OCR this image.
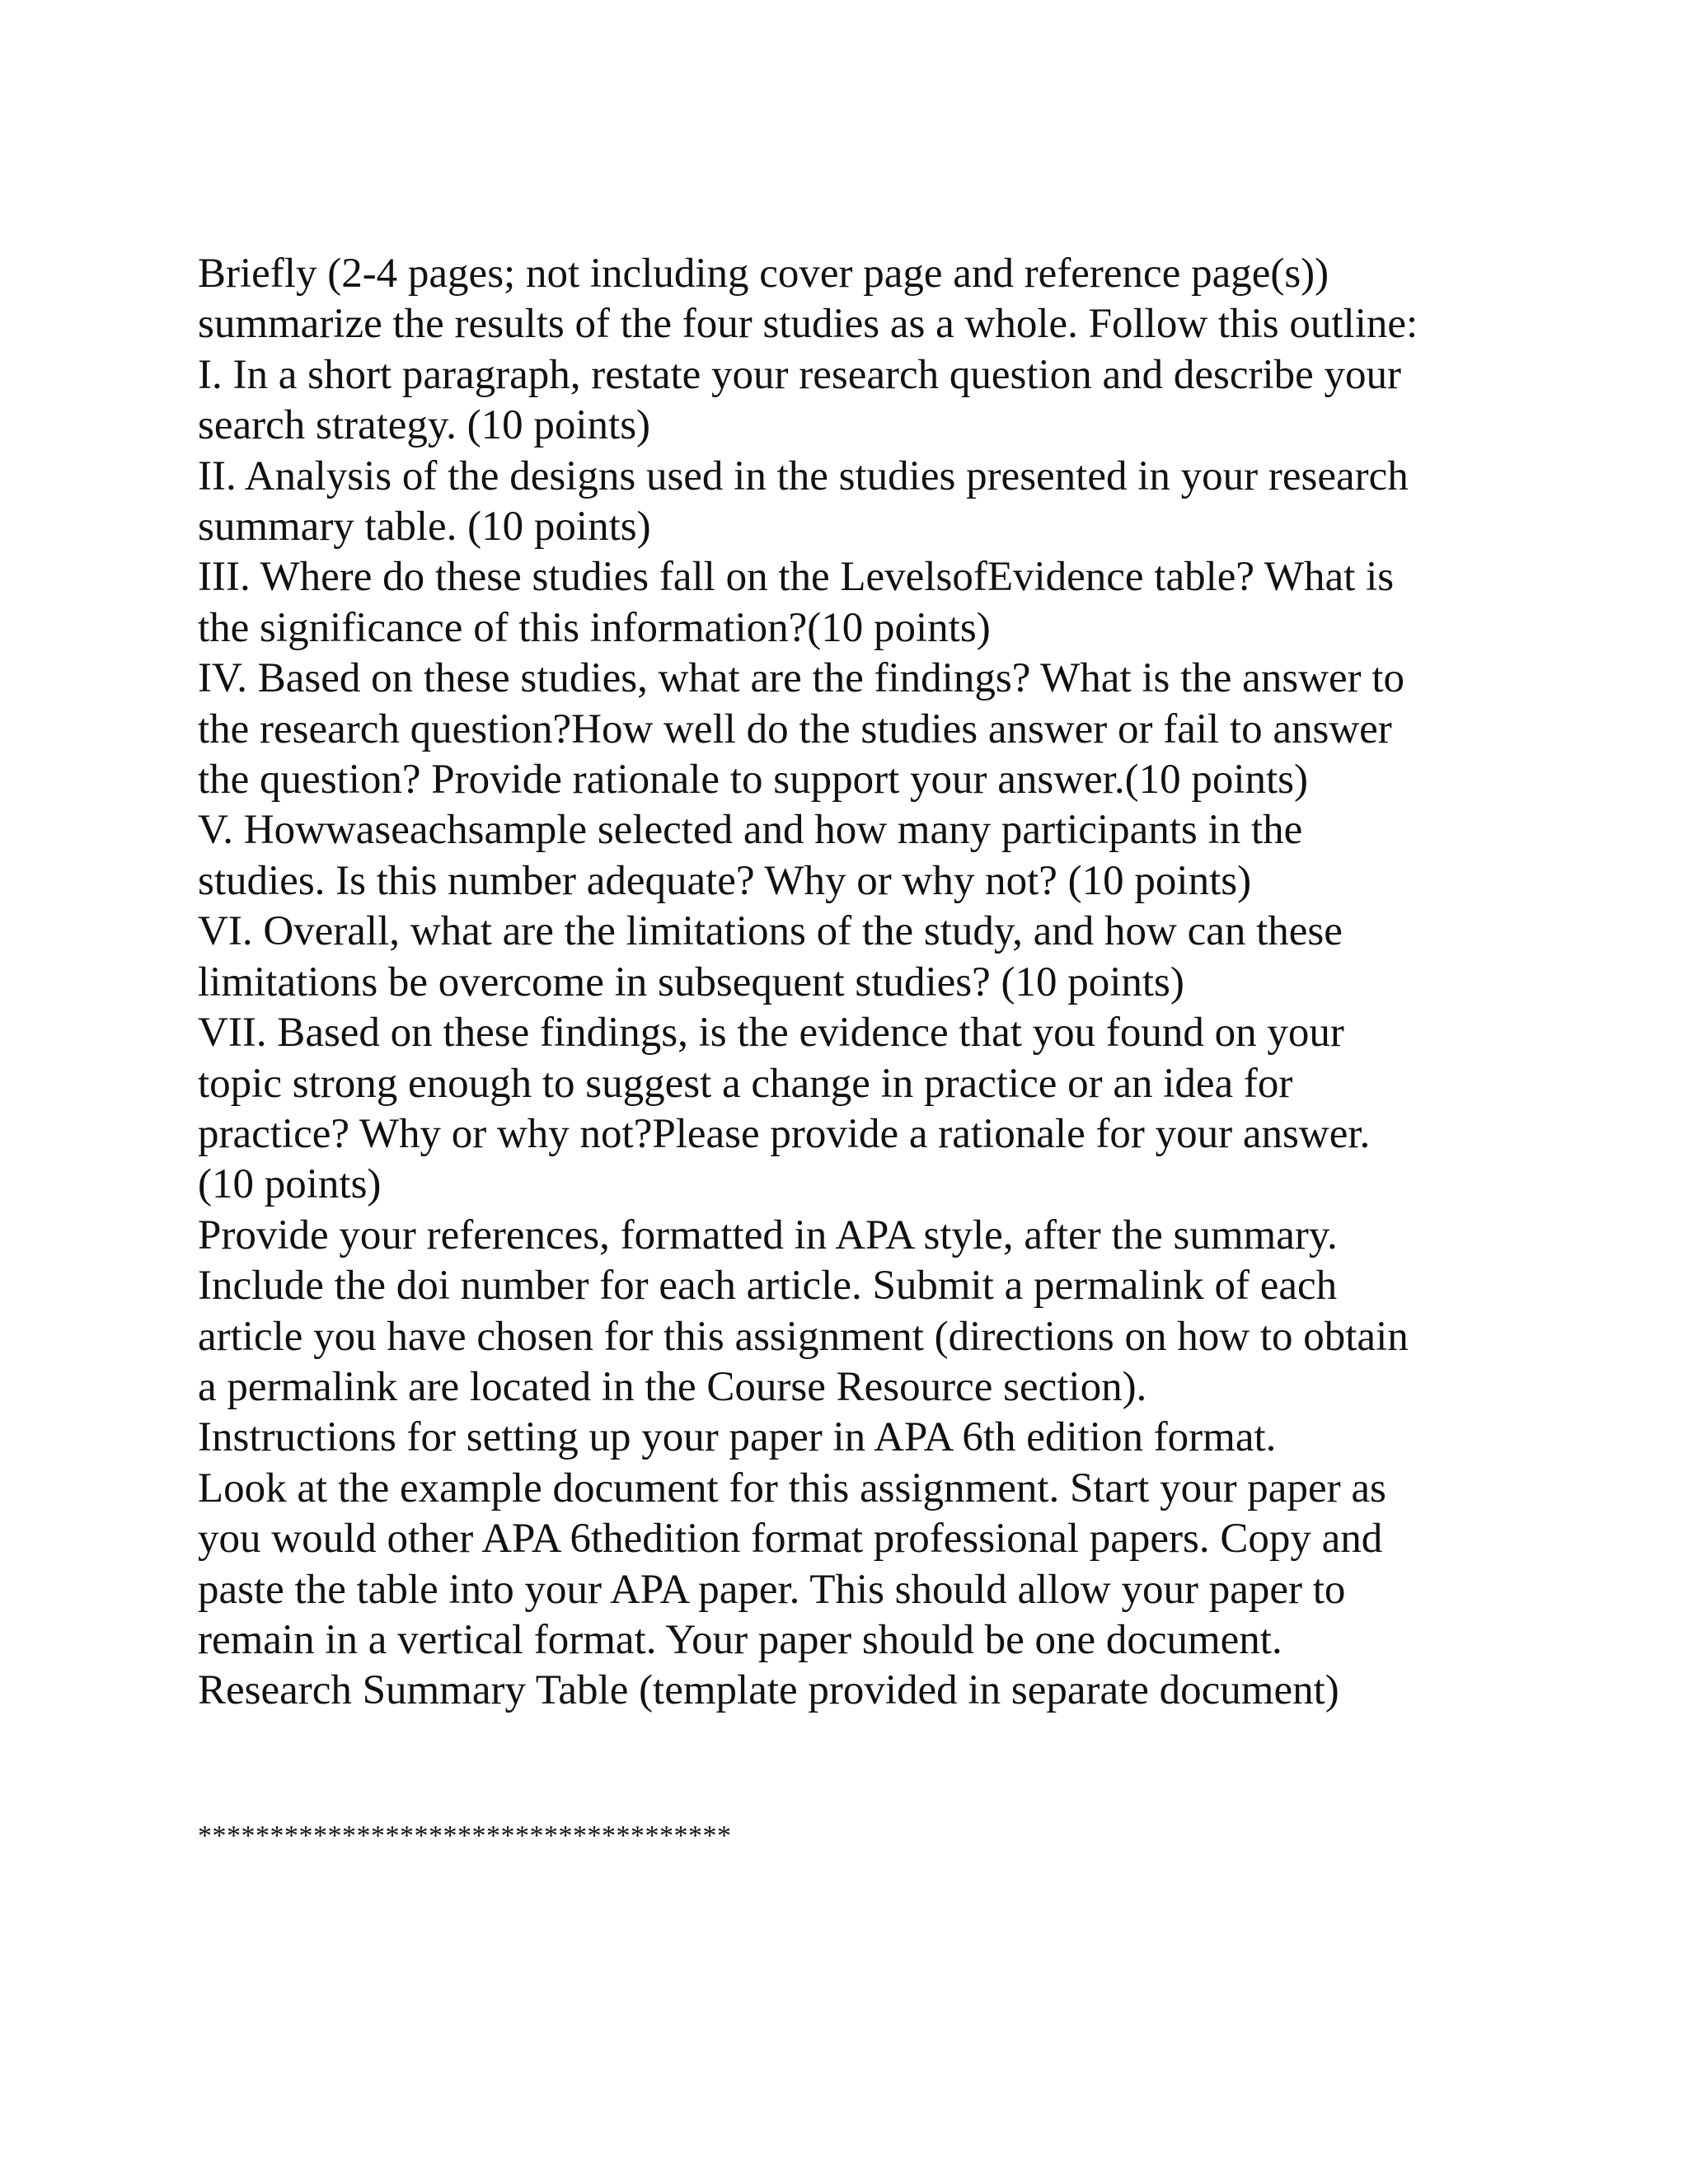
Briefly (2-4 pages; not including cover page and reference page(s))
summarize the results of the four studies as a whole. Follow this outline:
I. In a short paragraph, restate your research question and describe your
search strategy. (10 points)
II. Analysis of the designs used in the studies presented in your research
summary table. (10 points)
III. Where do these studies fall on the LevelsofEvidence table? What is
the significance of this information?(10 points)
IV. Based on these studies, what are the findings? What is the answer to
the research question?How well do the studies answer or fail to answer
the question? Provide rationale to support your answer.(10 points)
V. Howwaseachsample selected and how many participants in the
studies. Is this number adequate? Why or why not? (10 points)
VI. Overall, what are the limitations of the study, and how can these
limitations be overcome in subsequent studies? (10 points)
VII. Based on these findings, is the evidence that you found on your
topic strong enough to suggest a change in practice or an idea for
practice? Why or why not?Please provide a rationale for your answer.
(10 points)
Provide your references, formatted in APA style, after the summary.
Include the doi number for each article. Submit a permalink of each
article you have chosen for this assignment (directions on how to obtain
a permalink are located in the Course Resource section).
Instructions for setting up your paper in APA 6th edition format.
Look at the example document for this assignment. Start your paper as
you would other APA 6thedition format professional papers. Copy and
paste the table into your APA paper. This should allow your paper to
remain in a vertical format. Your paper should be one document.
Research Summary Table (template provided in separate document)
*************************************
